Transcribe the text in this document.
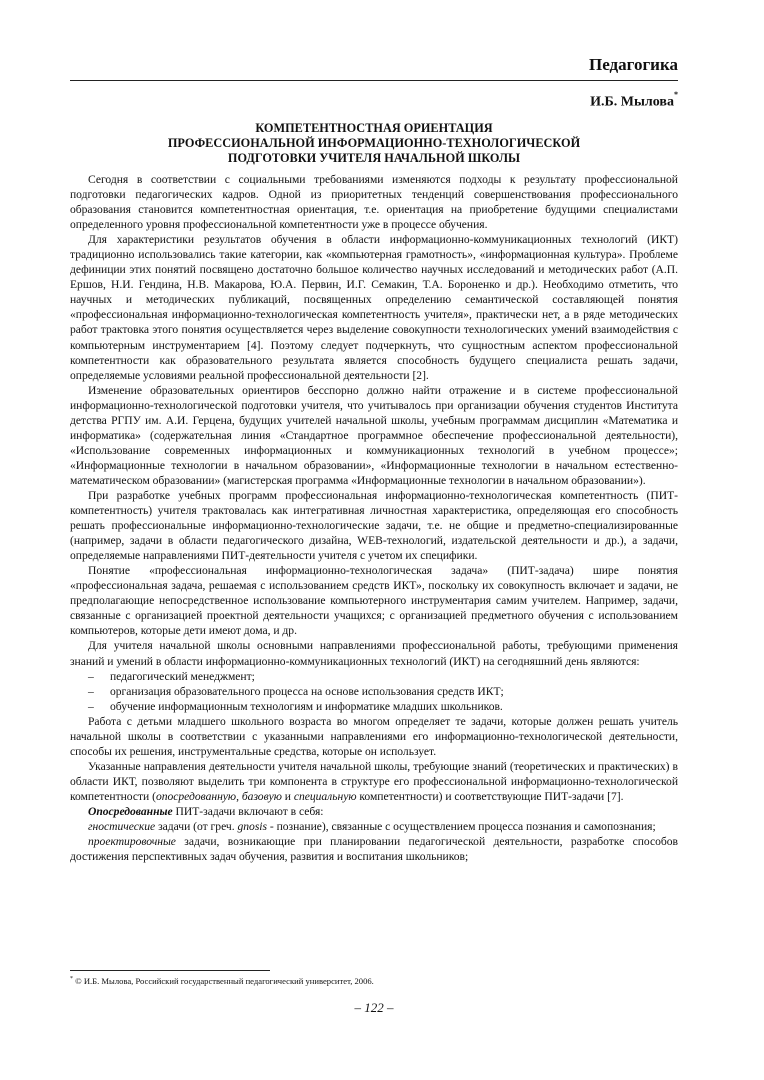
Педагогика
И.Б. Мылова*
КОМПЕТЕНТНОСТНАЯ ОРИЕНТАЦИЯ
ПРОФЕССИОНАЛЬНОЙ ИНФОРМАЦИОННО-ТЕХНОЛОГИЧЕСКОЙ
ПОДГОТОВКИ УЧИТЕЛЯ НАЧАЛЬНОЙ ШКОЛЫ

Сегодня в соответствии с социальными требованиями изменяются подходы к результату профессиональной подготовки педагогических кадров. Одной из приоритетных тенденций совершенствования профессионального образования становится компетентностная ориентация, т.е. ориентация на приобретение будущими специалистами определенного уровня профессиональной компетентности уже в процессе обучения.

Для характеристики результатов обучения в области информационно-коммуникационных технологий (ИКТ) традиционно использовались такие категории, как «компьютерная грамотность», «информационная культура». Проблеме дефиниции этих понятий посвящено достаточно большое количество научных исследований и методических работ (А.П. Ершов, Н.И. Гендина, Н.В. Макарова, Ю.А. Первин, И.Г. Семакин, Т.А. Бороненко и др.). Необходимо отметить, что научных и методических публикаций, посвященных определению семантической составляющей понятия «профессиональная информационно-технологическая компетентность учителя», практически нет, а в ряде методических работ трактовка этого понятия осуществляется через выделение совокупности технологических умений взаимодействия с компьютерным инструментарием [4]. Поэтому следует подчеркнуть, что сущностным аспектом профессиональной компетентности как образовательного результата является способность будущего специалиста решать задачи, определяемые условиями реальной профессиональной деятельности [2].

Изменение образовательных ориентиров бесспорно должно найти отражение и в системе профессиональной информационно-технологической подготовки учителя, что учитывалось при организации обучения студентов Института детства РГПУ им. А.И. Герцена, будущих учителей начальной школы, учебным программам дисциплин «Математика и информатика» (содержательная линия «Стандартное программное обеспечение профессиональной деятельности), «Использование современных информационных и коммуникационных технологий в учебном процессе»; «Информационные технологии в начальном образовании», «Информационные технологии в начальном естественно-математическом образовании» (магистерская программа «Информационные технологии в начальном образовании»).

При разработке учебных программ профессиональная информационно-технологическая компетентность (ПИТ-компетентность) учителя трактовалась как интегративная личностная характеристика, определяющая его способность решать профессиональные информационно-технологические задачи, т.е. не общие и предметно-специализированные (например, задачи в области педагогического дизайна, WEB-технологий, издательской деятельности и др.), а задачи, определяемые направлениями ПИТ-деятельности учителя с учетом их специфики.

Понятие «профессиональная информационно-технологическая задача» (ПИТ-задача) шире понятия «профессиональная задача, решаемая с использованием средств ИКТ», поскольку их совокупность включает и задачи, не предполагающие непосредственное использование компьютерного инструментария самим учителем. Например, задачи, связанные с организацией проектной деятельности учащихся; с организацией предметного обучения с использованием компьютеров, которые дети имеют дома, и др.

Для учителя начальной школы основными направлениями профессиональной работы, требующими применения знаний и умений в области информационно-коммуникационных технологий (ИКТ) на сегодняшний день являются:

– педагогический менеджмент;
– организация образовательного процесса на основе использования средств ИКТ;
– обучение информационным технологиям и информатике младших школьников.

Работа с детьми младшего школьного возраста во многом определяет те задачи, которые должен решать учитель начальной школы в соответствии с указанными направлениями его информационно-технологической деятельности, способы их решения, инструментальные средства, которые он использует.

Указанные направления деятельности учителя начальной школы, требующие знаний (теоретических и практических) в области ИКТ, позволяют выделить три компонента в структуре его профессиональной информационно-технологической компетентности (опосредованную, базовую и специальную компетентности) и соответствующие ПИТ-задачи [7].

Опосредованные ПИТ-задачи включают в себя:

гностические задачи (от греч. gnosis - познание), связанные с осуществлением процесса познания и самопознания;

проектировочные задачи, возникающие при планировании педагогической деятельности, разработке способов достижения перспективных задач обучения, развития и воспитания школьников;

* © И.Б. Мылова, Российский государственный педагогический университет, 2006.
– 122 –
